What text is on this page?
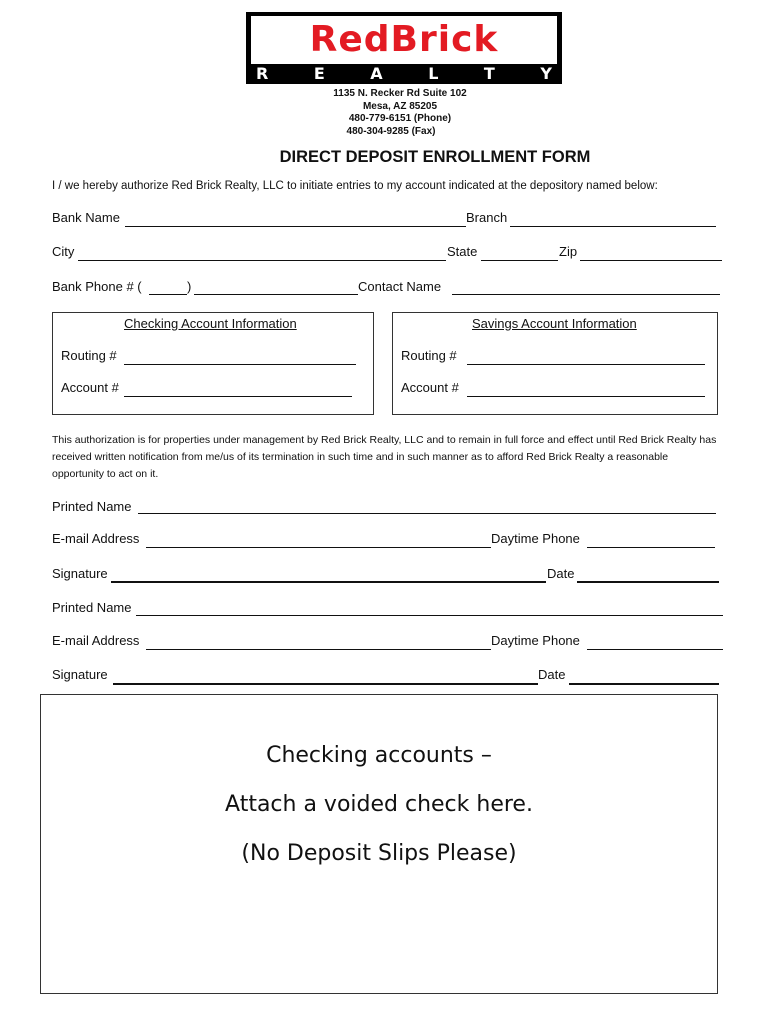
RedBrick
R	E	A	L	T	Y
1135 N. Recker Rd Suite 102
Mesa, AZ 85205
480-779-6151 (Phone)
480-304-9285 (Fax)
DIRECT DEPOSIT ENROLLMENT FORM
I / we hereby authorize Red Brick Realty, LLC to initiate entries to my account indicated at the depository named below:
Bank Name	Branch
City	State	Zip
Bank Phone # (	)	Contact Name
Checking Account Information
Routing #
Account #
Savings Account Information
Routing #
Account #
This authorization is for properties under management by Red Brick Realty, LLC and to remain in full force and effect until Red Brick Realty has received written notification from me/us of its termination in such time and in such manner as to afford Red Brick Realty a reasonable opportunity to act on it.
Printed Name
E-mail Address	Daytime Phone
Signature	Date
Printed Name
E-mail Address	Daytime Phone
Signature	Date
Checking accounts –
Attach a voided check here.
(No Deposit Slips Please)
